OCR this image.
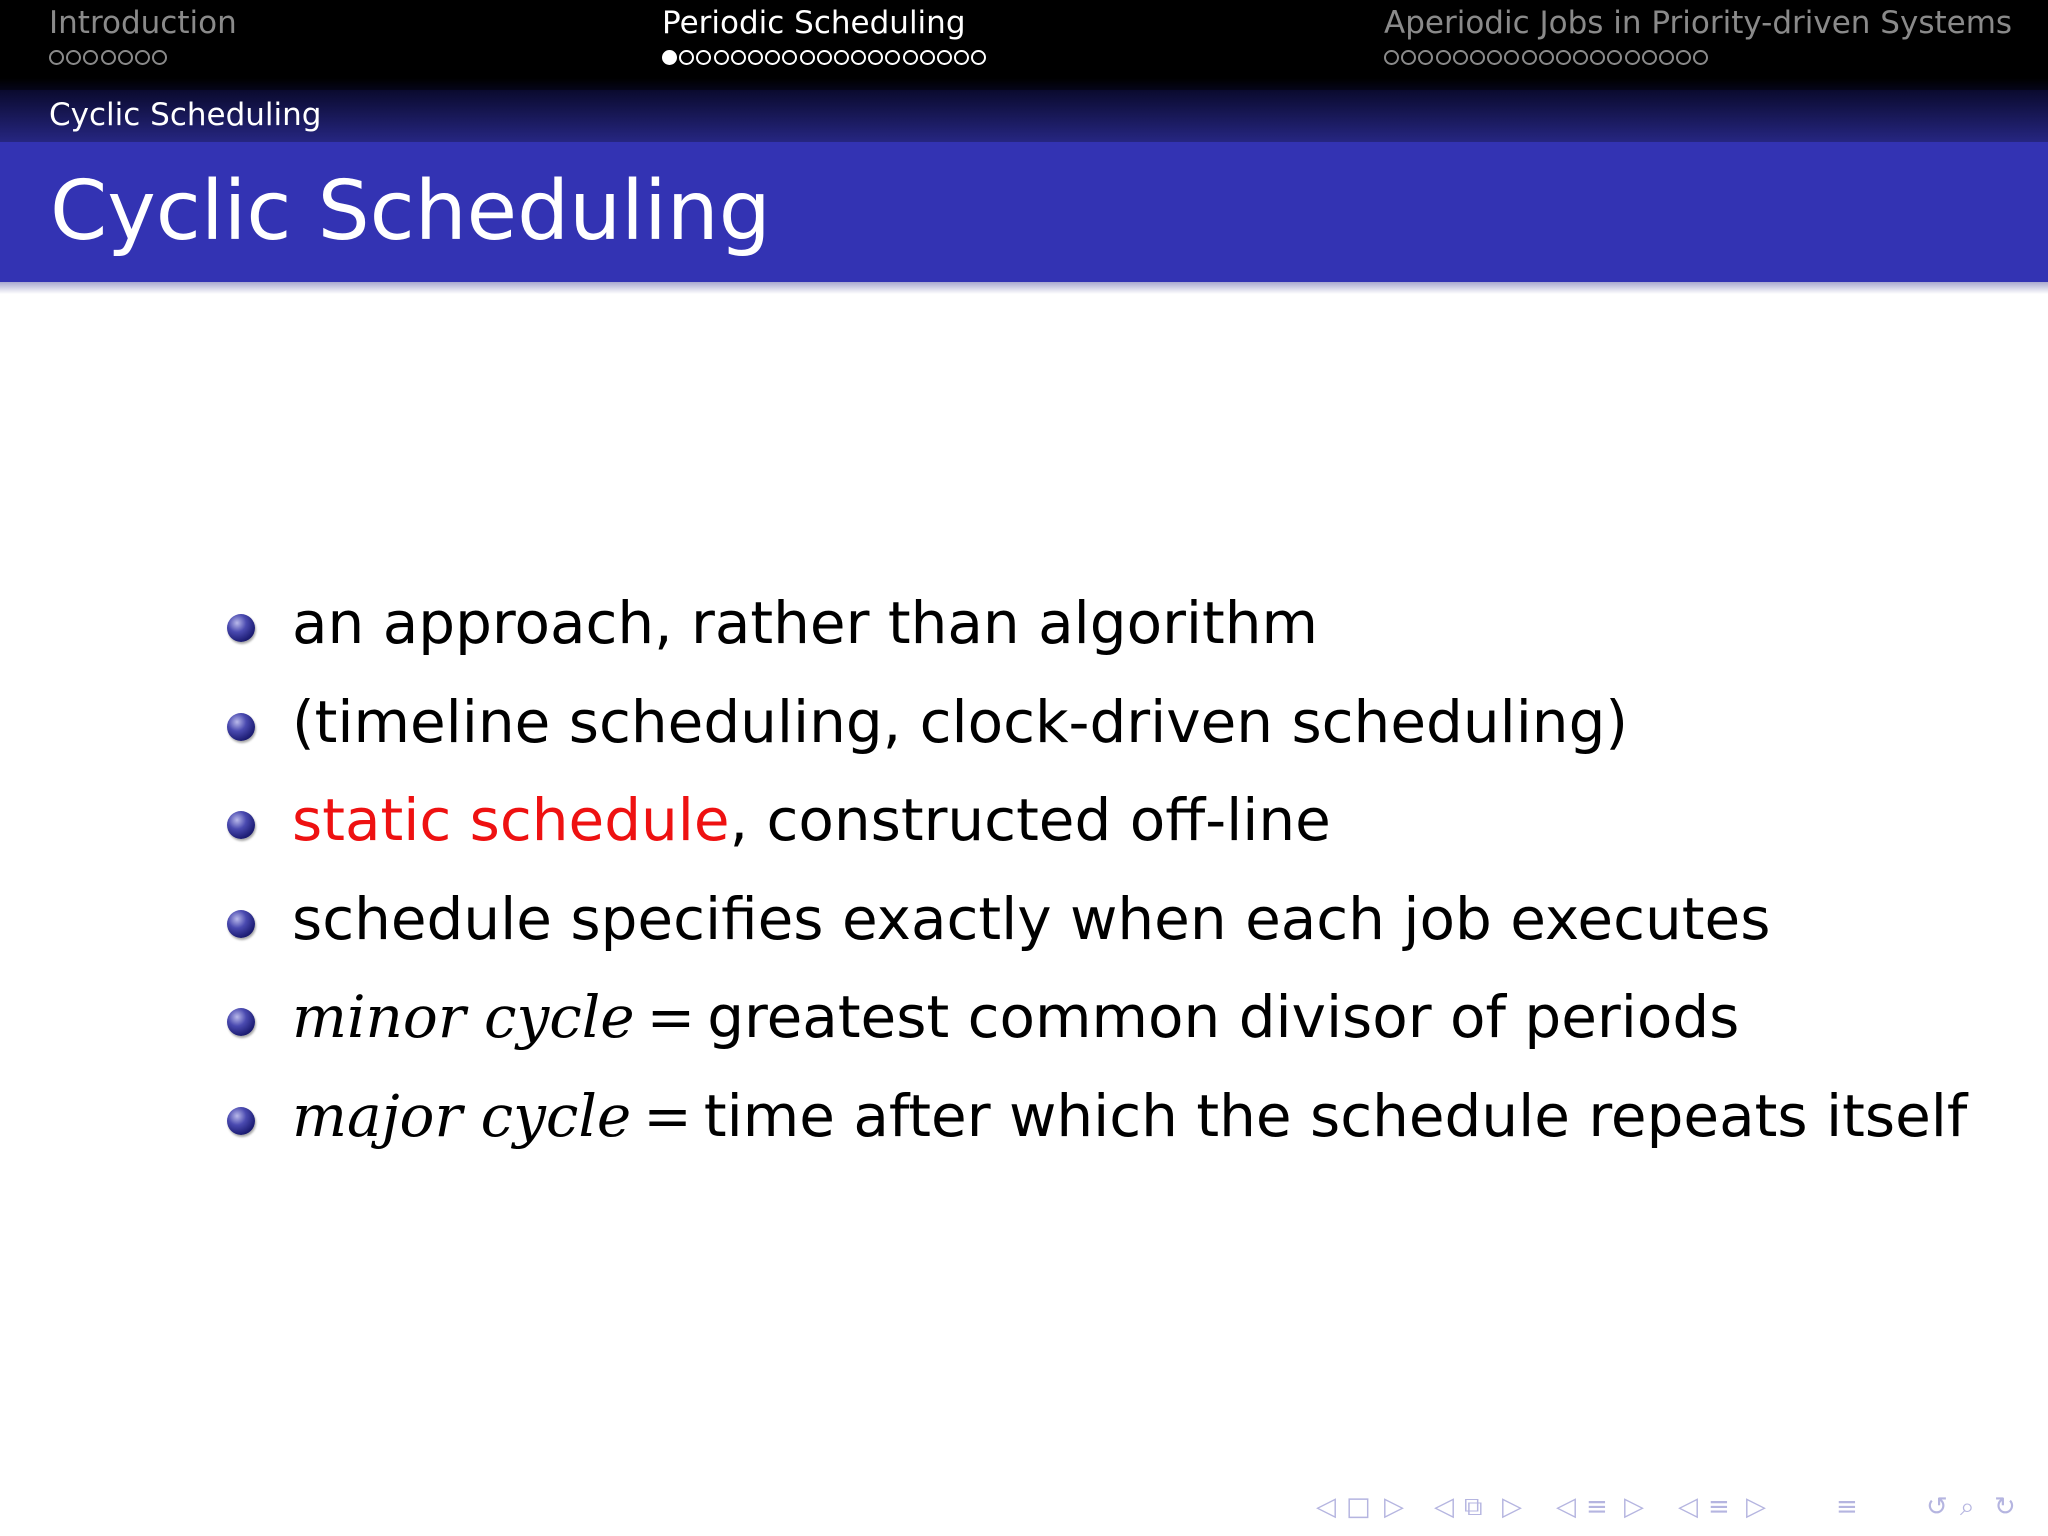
Introduction	Periodic Scheduling	Aperiodic Jobs in Priority-driven Systems
Cyclic Scheduling
Cyclic Scheduling
an approach, rather than algorithm
(timeline scheduling, clock-driven scheduling)
static schedule, constructed off-line
schedule specifies exactly when each job executes
minor cycle = greatest common divisor of periods
major cycle = time after which the schedule repeats itself
◁ □ ▷ ◁ ⧉ ▷ ◁ ≡ ▷ ◁ ≡ ▷	≡	↺ ⌕ ↻
